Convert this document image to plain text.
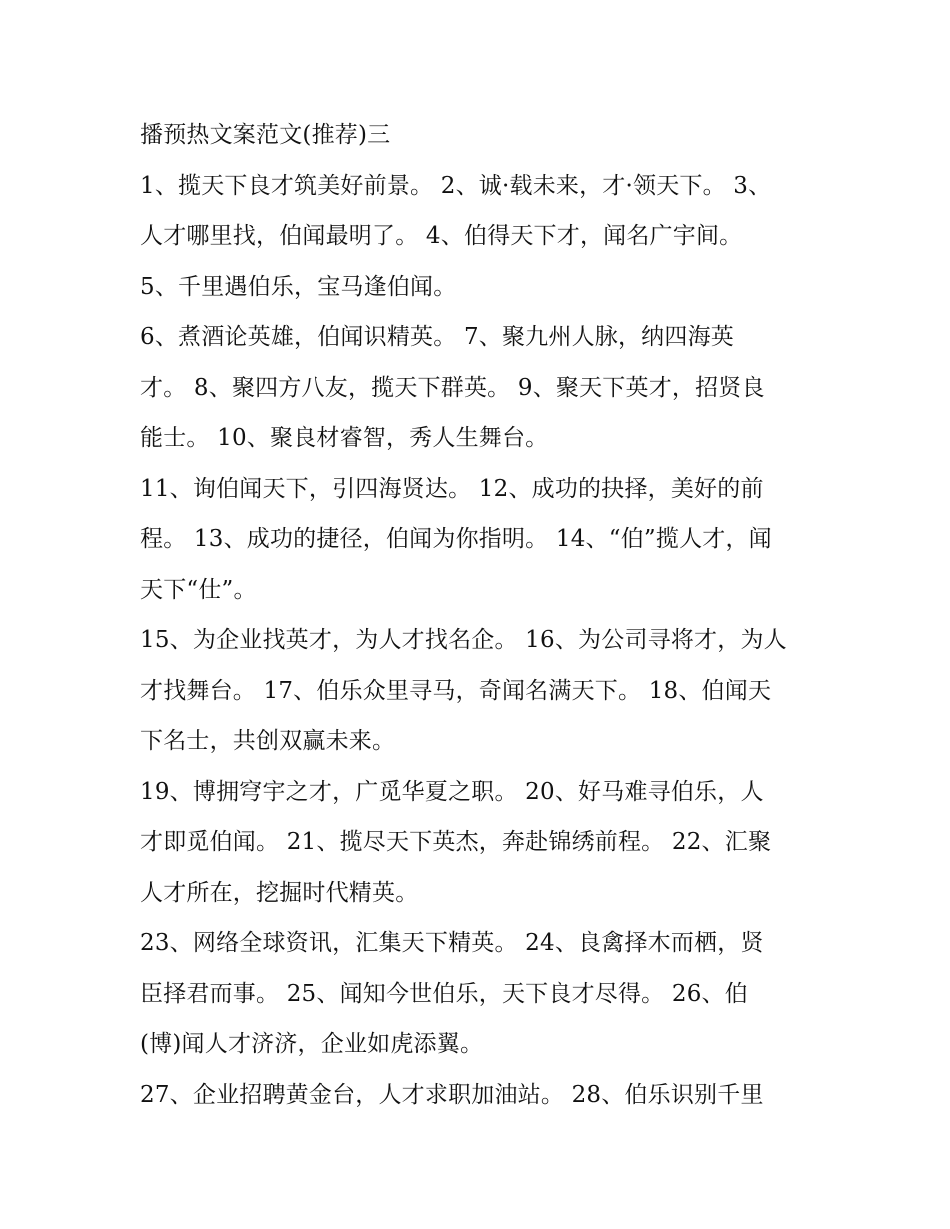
播预热文案范文(推荐)三
1、揽天下良才筑美好前景。 2、诚·载未来，才·领天下。 3、
人才哪里找，伯闻最明了。 4、伯得天下才，闻名广宇间。
5、千里遇伯乐，宝马逢伯闻。
6、煮酒论英雄，伯闻识精英。 7、聚九州人脉，纳四海英
才。 8、聚四方八友，揽天下群英。 9、聚天下英才，招贤良
能士。 10、聚良材睿智，秀人生舞台。
11、询伯闻天下，引四海贤达。 12、成功的抉择，美好的前
程。 13、成功的捷径，伯闻为你指明。 14、“伯”揽人才，闻
天下“仕”。
15、为企业找英才，为人才找名企。 16、为公司寻将才，为人
才找舞台。 17、伯乐众里寻马，奇闻名满天下。 18、伯闻天
下名士，共创双赢未来。
19、博拥穹宇之才，广觅华夏之职。 20、好马难寻伯乐，人
才即觅伯闻。 21、揽尽天下英杰，奔赴锦绣前程。 22、汇聚
人才所在，挖掘时代精英。
23、网络全球资讯，汇集天下精英。 24、良禽择木而栖，贤
臣择君而事。 25、闻知今世伯乐，天下良才尽得。 26、伯
(博)闻人才济济，企业如虎添翼。
27、企业招聘黄金台，人才求职加油站。 28、伯乐识别千里
